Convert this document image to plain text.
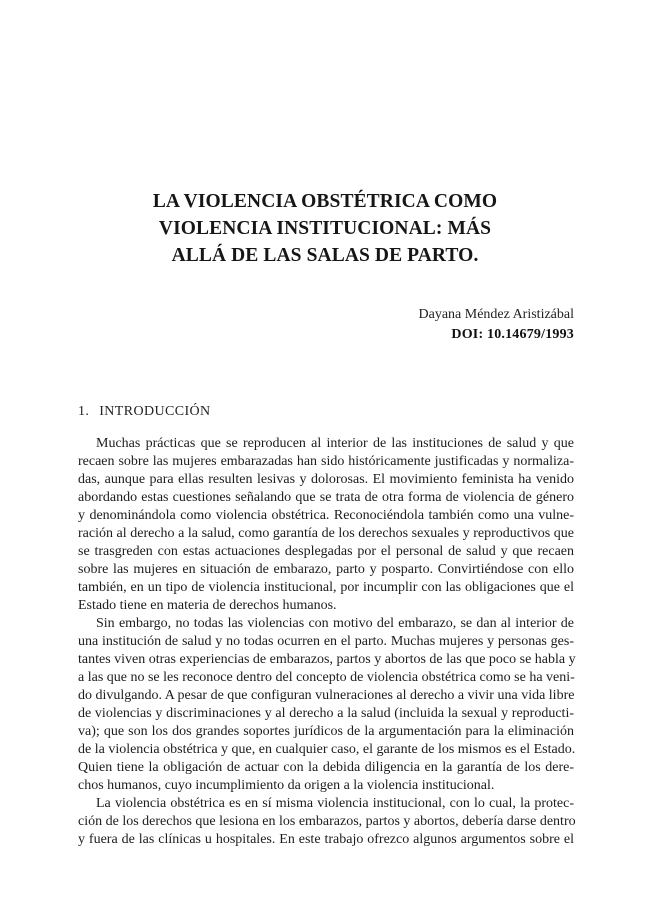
LA VIOLENCIA OBSTÉTRICA COMO
VIOLENCIA INSTITUCIONAL: MÁS
ALLÁ DE LAS SALAS DE PARTO.
Dayana Méndez Aristizábal
DOI: 10.14679/1993
1. INTRODUCCIÓN
Muchas prácticas que se reproducen al interior de las instituciones de salud y que
recaen sobre las mujeres embarazadas han sido históricamente justificadas y normaliza-
das, aunque para ellas resulten lesivas y dolorosas. El movimiento feminista ha venido
abordando estas cuestiones señalando que se trata de otra forma de violencia de género
y denominándola como violencia obstétrica. Reconociéndola también como una vulne-
ración al derecho a la salud, como garantía de los derechos sexuales y reproductivos que
se trasgreden con estas actuaciones desplegadas por el personal de salud y que recaen
sobre las mujeres en situación de embarazo, parto y posparto. Convirtiéndose con ello
también, en un tipo de violencia institucional, por incumplir con las obligaciones que el
Estado tiene en materia de derechos humanos.
Sin embargo, no todas las violencias con motivo del embarazo, se dan al interior de
una institución de salud y no todas ocurren en el parto. Muchas mujeres y personas ges-
tantes viven otras experiencias de embarazos, partos y abortos de las que poco se habla y
a las que no se les reconoce dentro del concepto de violencia obstétrica como se ha veni-
do divulgando. A pesar de que configuran vulneraciones al derecho a vivir una vida libre
de violencias y discriminaciones y al derecho a la salud (incluida la sexual y reproducti-
va); que son los dos grandes soportes jurídicos de la argumentación para la eliminación
de la violencia obstétrica y que, en cualquier caso, el garante de los mismos es el Estado.
Quien tiene la obligación de actuar con la debida diligencia en la garantía de los dere-
chos humanos, cuyo incumplimiento da origen a la violencia institucional.
La violencia obstétrica es en sí misma violencia institucional, con lo cual, la protec-
ción de los derechos que lesiona en los embarazos, partos y abortos, debería darse dentro
y fuera de las clínicas u hospitales. En este trabajo ofrezco algunos argumentos sobre el
